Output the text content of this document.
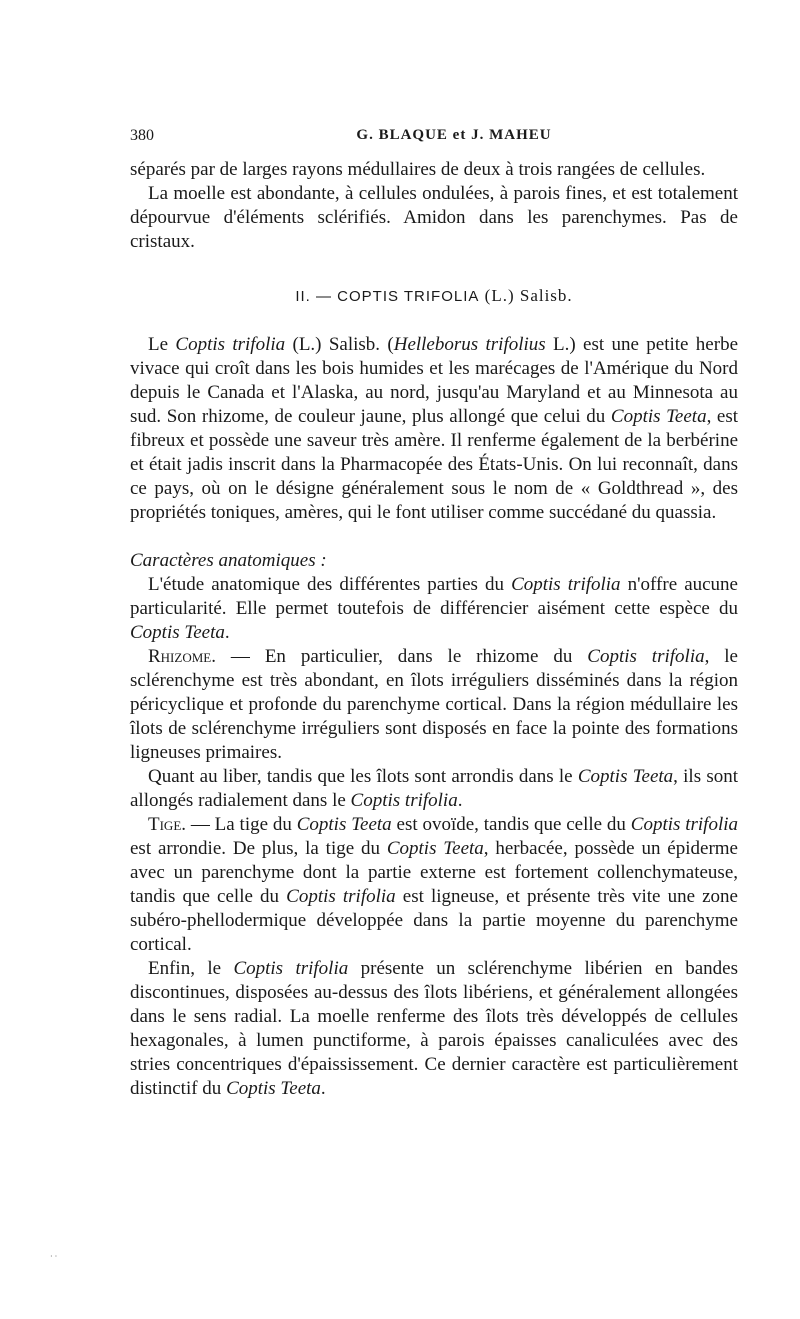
380	G. BLAQUE et J. MAHEU

séparés par de larges rayons médullaires de deux à trois rangées de cellules.

La moelle est abondante, à cellules ondulées, à parois fines, et est totalement dépourvue d'éléments sclérifiés. Amidon dans les parenchymes. Pas de cristaux.

II. — COPTIS TRIFOLIA (L.) Salisb.

Le Coptis trifolia (L.) Salisb. (Helleborus trifolius L.) est une petite herbe vivace qui croît dans les bois humides et les marécages de l'Amérique du Nord depuis le Canada et l'Alaska, au nord, jusqu'au Maryland et au Minnesota au sud. Son rhizome, de couleur jaune, plus allongé que celui du Coptis Teeta, est fibreux et possède une saveur très amère. Il renferme également de la berbérine et était jadis inscrit dans la Pharmacopée des États-Unis. On lui reconnaît, dans ce pays, où on le désigne généralement sous le nom de « Goldthread », des propriétés toniques, amères, qui le font utiliser comme succédané du quassia.

Caractères anatomiques :

L'étude anatomique des différentes parties du Coptis trifolia n'offre aucune particularité. Elle permet toutefois de différencier aisément cette espèce du Coptis Teeta.

Rhizome. — En particulier, dans le rhizome du Coptis trifolia, le sclérenchyme est très abondant, en îlots irréguliers disséminés dans la région péricyclique et profonde du parenchyme cortical. Dans la région médullaire les îlots de sclérenchyme irréguliers sont disposés en face la pointe des formations ligneuses primaires.

Quant au liber, tandis que les îlots sont arrondis dans le Coptis Teeta, ils sont allongés radialement dans le Coptis trifolia.

Tige. — La tige du Coptis Teeta est ovoïde, tandis que celle du Coptis trifolia est arrondie. De plus, la tige du Coptis Teeta, herbacée, possède un épiderme avec un parenchyme dont la partie externe est fortement collenchymateuse, tandis que celle du Coptis trifolia est ligneuse, et présente très vite une zone subéro-phellodermique développée dans la partie moyenne du parenchyme cortical.

Enfin, le Coptis trifolia présente un sclérenchyme libérien en bandes discontinues, disposées au-dessus des îlots libériens, et généralement allongées dans le sens radial. La moelle renferme des îlots très développés de cellules hexagonales, à lumen punctiforme, à parois épaisses canaliculées avec des stries concentriques d'épaississement. Ce dernier caractère est particulièrement distinctif du Coptis Teeta.

· ·
